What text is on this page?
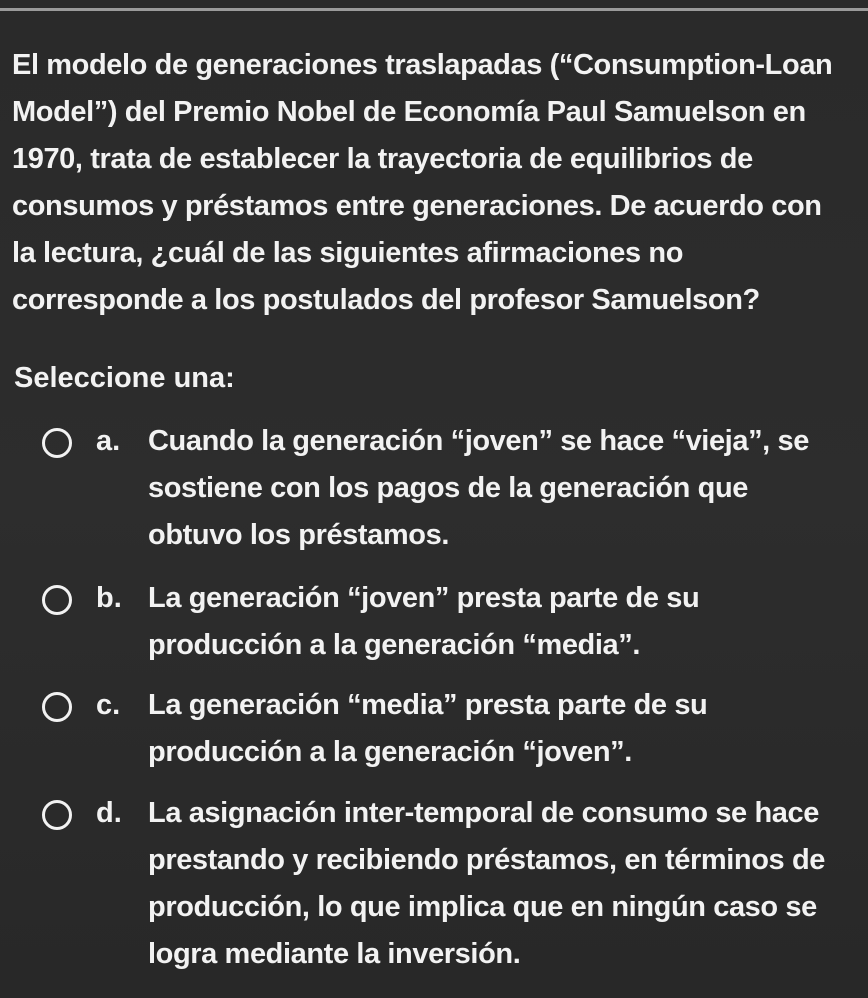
El modelo de generaciones traslapadas (“Consumption-Loan Model”) del Premio Nobel de Economía Paul Samuelson en 1970, trata de establecer la trayectoria de equilibrios de consumos y préstamos entre generaciones. De acuerdo con la lectura, ¿cuál de las siguientes afirmaciones no corresponde a los postulados del profesor Samuelson?

Seleccione una:

a. Cuando la generación “joven” se hace “vieja”, se sostiene con los pagos de la generación que obtuvo los préstamos.
b. La generación “joven” presta parte de su producción a la generación “media”.
c. La generación “media” presta parte de su producción a la generación “joven”.
d. La asignación inter-temporal de consumo se hace prestando y recibiendo préstamos, en términos de producción, lo que implica que en ningún caso se logra mediante la inversión.
